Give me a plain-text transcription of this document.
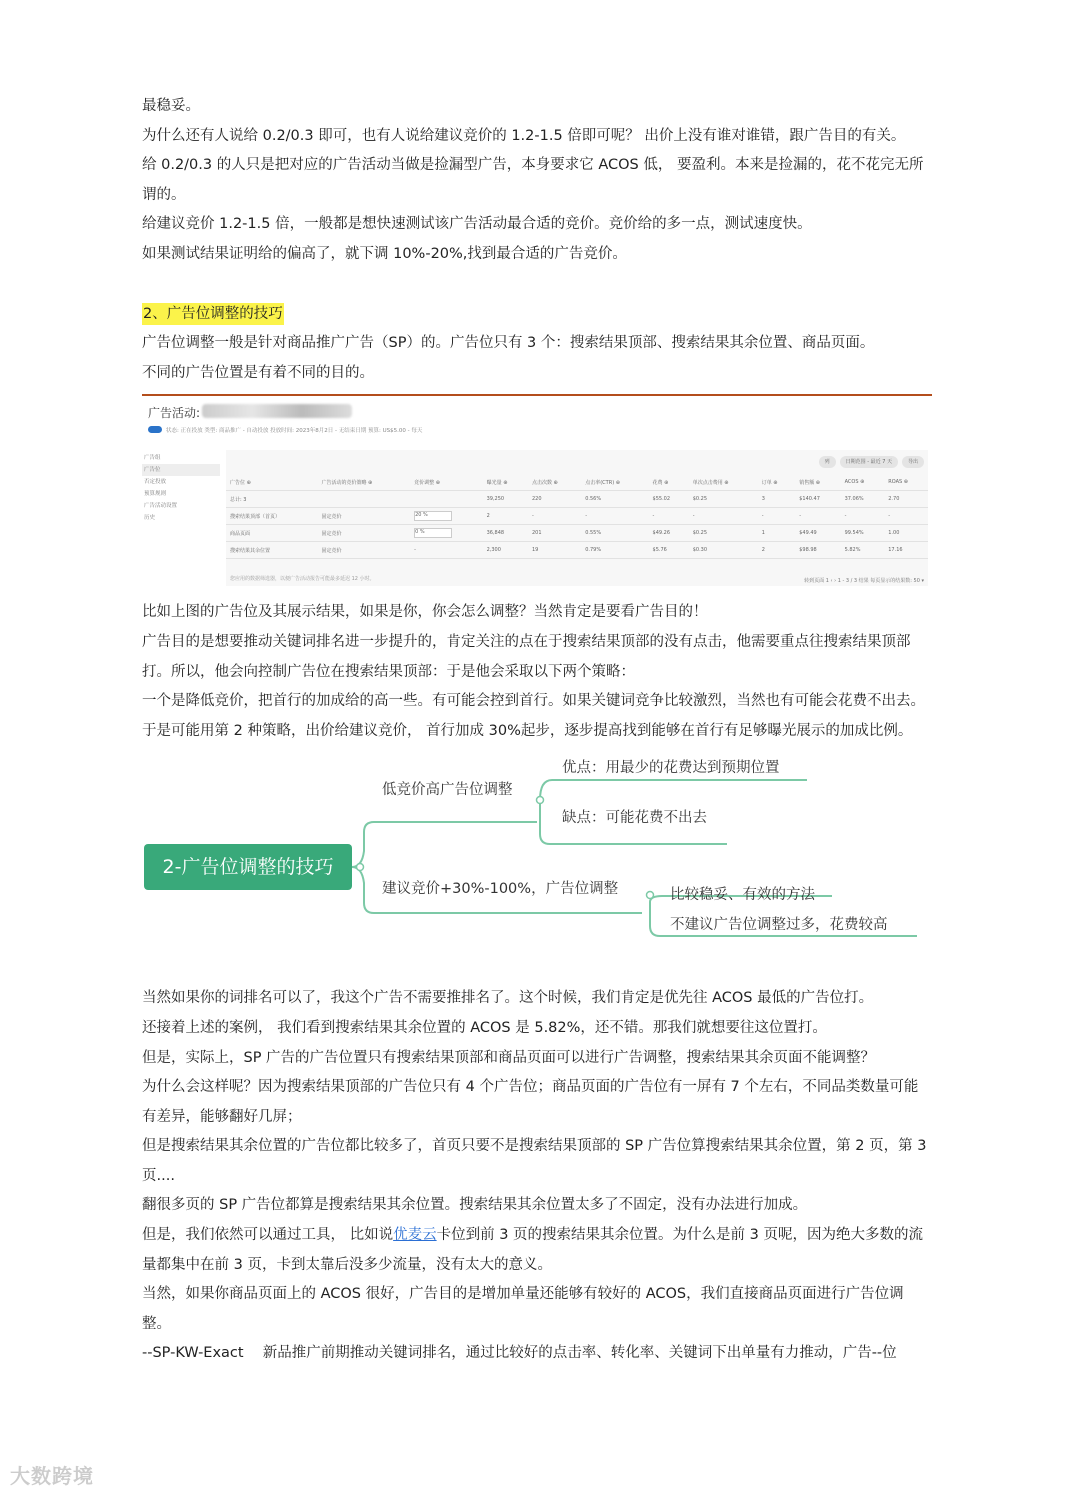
最稳妥。

为什么还有人说给 0.2/0.3 即可，也有人说给建议竞价的 1.2-1.5 倍即可呢？ 出价上没有谁对谁错，跟广告目的有关。

给 0.2/0.3 的人只是把对应的广告活动当做是捡漏型广告，本身要求它 ACOS 低， 要盈利。本来是捡漏的，花不花完无所谓的。

给建议竞价 1.2-1.5 倍，一般都是想快速测试该广告活动最合适的竞价。竞价给的多一点，测试速度快。

如果测试结果证明给的偏高了，就下调 10%-20%,找到最合适的广告竞价。

2、广告位调整的技巧

广告位调整一般是针对商品推广广告（SP）的。广告位只有 3 个：搜索结果顶部、搜索结果其余位置、商品页面。

不同的广告位置是有着不同的目的。

广告活动:
状态: 正在投放 类型: 商品推广 - 自动投放 投放时间: 2023年8月2日 - 无结束日期 预算: US$5.00 - 每天
广告组
广告位
否定投放
预算规则
广告活动设置
历史
列	日期范围 - 最近 7 天	导出
广告位 ⊕	广告活动的竞价策略 ⊕	竞价调整 ⊕	曝光量 ⊕	点击次数 ⊕	点击率(CTR) ⊕	花费 ⊕	单次点击费用 ⊕	订单 ⊕	销售额 ⊕	ACOS ⊕	ROAS ⊕
总计: 3			39,250	220	0.56%	$55.02	$0.25	3	$140.47	37.06%	2.70
搜索结果顶部（首页）	固定竞价	20 %	2	-	-	-	-	-	-	-	-
商品页面	固定竞价	0 %	36,848	201	0.55%	$49.26	$0.25	1	$49.49	99.54%	1.00
搜索结果其余位置	固定竞价	-	2,300	19	0.79%	$5.76	$0.30	2	$98.98	5.82%	17.16
您应用的数据筛选器，以便广告活动报告可能最多延迟 12 小时。	转到页面 1 ‹ › 1 - 3 / 3 结果 每页显示的结果数: 50 ▾

比如上图的广告位及其展示结果，如果是你，你会怎么调整？当然肯定是要看广告目的！

广告目的是想要推动关键词排名进一步提升的，肯定关注的点在于搜索结果顶部的没有点击，他需要重点往搜索结果顶部打。所以，他会向控制广告位在搜索结果顶部：于是他会采取以下两个策略：

一个是降低竞价，把首行的加成给的高一些。有可能会控到首行。如果关键词竞争比较激烈，当然也有可能会花费不出去。

于是可能用第 2 种策略，出价给建议竞价， 首行加成 30%起步，逐步提高找到能够在首行有足够曝光展示的加成比例。

2-广告位调整的技巧
低竞价高广告位调整
优点：用最少的花费达到预期位置
缺点：可能花费不出去
建议竞价+30%-100%，广告位调整	比较稳妥、有效的方法
不建议广告位调整过多，花费较高

当然如果你的词排名可以了，我这个广告不需要推排名了。这个时候，我们肯定是优先往 ACOS 最低的广告位打。

还接着上述的案例， 我们看到搜索结果其余位置的 ACOS 是 5.82%，还不错。那我们就想要往这位置打。

但是，实际上，SP 广告的广告位置只有搜索结果顶部和商品页面可以进行广告调整，搜索结果其余页面不能调整？

为什么会这样呢？因为搜索结果顶部的广告位只有 4 个广告位；商品页面的广告位有一屏有 7 个左右，不同品类数量可能有差异，能够翻好几屏；

但是搜索结果其余位置的广告位都比较多了，首页只要不是搜索结果顶部的 SP 广告位算搜索结果其余位置，第 2 页，第 3 页....

翻很多页的 SP 广告位都算是搜索结果其余位置。搜索结果其余位置太多了不固定，没有办法进行加成。

但是，我们依然可以通过工具， 比如说优麦云卡位到前 3 页的搜索结果其余位置。为什么是前 3 页呢，因为绝大多数的流量都集中在前 3 页，卡到太靠后没多少流量，没有太大的意义。

当然，如果你商品页面上的 ACOS 很好，广告目的是增加单量还能够有较好的 ACOS，我们直接商品页面进行广告位调整。

--SP-KW-Exact　 新品推广前期推动关键词排名，通过比较好的点击率、转化率、关键词下出单量有力推动，广告--位

大数跨境
